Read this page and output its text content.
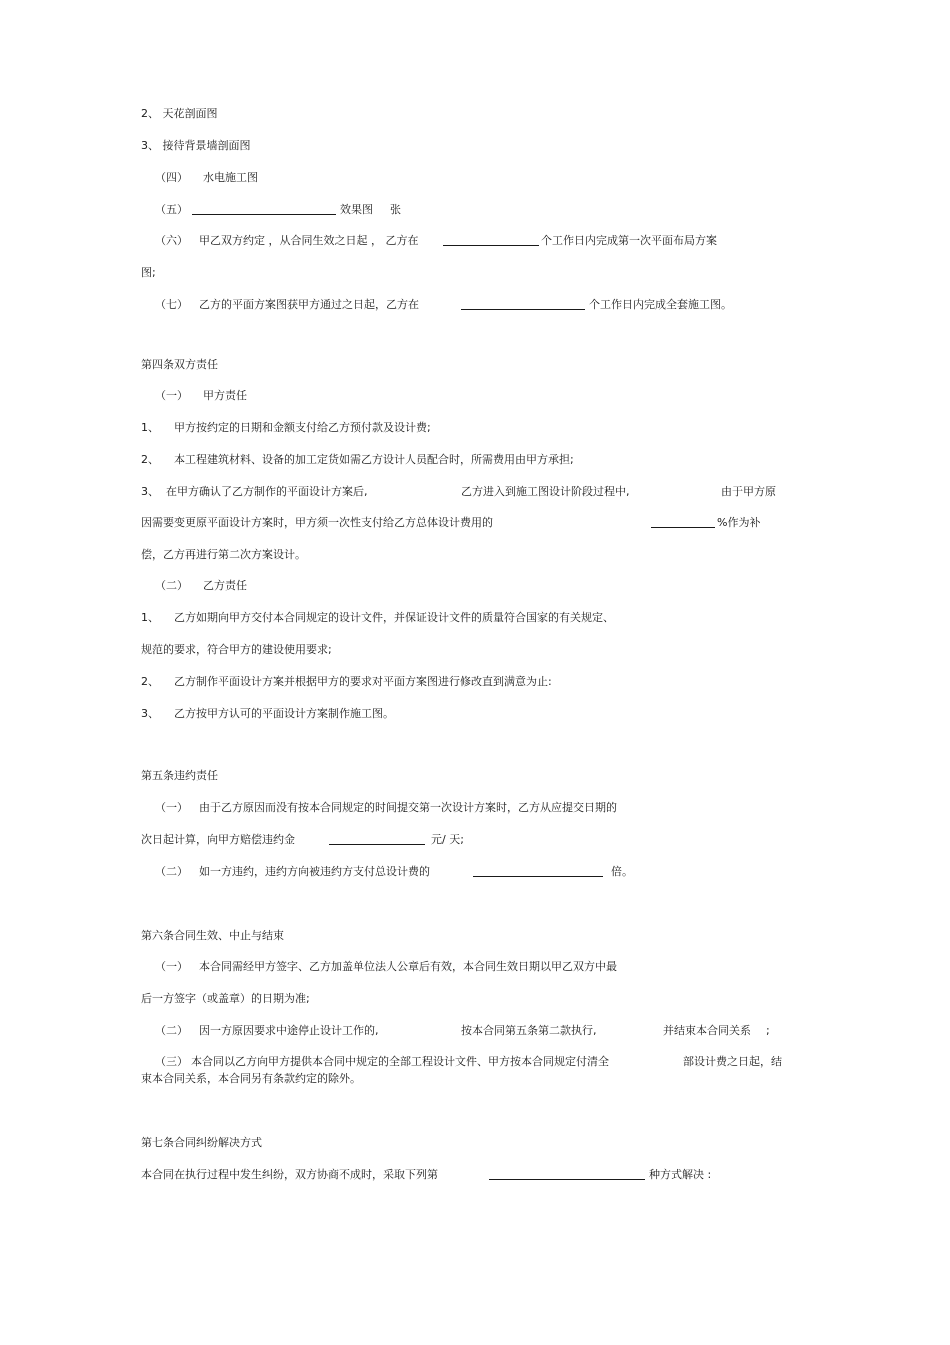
2、 天花剖面图
3、 接待背景墙剖面图
（四） 水电施工图
（五）	效果图 张
（六） 甲乙双方约定 ，从合同生效之日起 ， 乙方在	个工作日内完成第一次平面布局方案
图;
（七） 乙方的平面方案图获甲方通过之日起，乙方在	个工作日内完成全套施工图。
第四条双方责任
（一） 甲方责任
1、 甲方按约定的日期和金额支付给乙方预付款及设计费;
2、 本工程建筑材料、设备的加工定货如需乙方设计人员配合时，所需费用由甲方承担;
3、 在甲方确认了乙方制作的平面设计方案后,	乙方进入到施工图设计阶段过程中,	由于甲方原
因需要变更原平面设计方案时，甲方须一次性支付给乙方总体设计费用的	%作为补
偿，乙方再进行第二次方案设计。
（二） 乙方责任
1、 乙方如期向甲方交付本合同规定的设计文件，并保证设计文件的质量符合国家的有关规定、
规范的要求，符合甲方的建设使用要求;
2、 乙方制作平面设计方案并根据甲方的要求对平面方案图进行修改直到满意为止:
3、 乙方按甲方认可的平面设计方案制作施工图。
第五条违约责任
（一） 由于乙方原因而没有按本合同规定的时间提交第一次设计方案时，乙方从应提交日期的
次日起计算，向甲方赔偿违约金	元/ 天;
（二） 如一方违约，违约方向被违约方支付总设计费的	倍。
第六条合同生效、中止与结束
（一） 本合同需经甲方签字、乙方加盖单位法人公章后有效，本合同生效日期以甲乙双方中最
后一方签字（或盖章）的日期为准;
（二） 因一方原因要求中途停止设计工作的,	按本合同第五条第二款执行,	并结束本合同关系 ;
（三） 本合同以乙方向甲方提供本合同中规定的全部工程设计文件、甲方按本合同规定付清全	部设计费之日起，结
束本合同关系，本合同另有条款约定的除外。
第七条合同纠纷解决方式
本合同在执行过程中发生纠纷，双方协商不成时，采取下列第	种方式解决 :
